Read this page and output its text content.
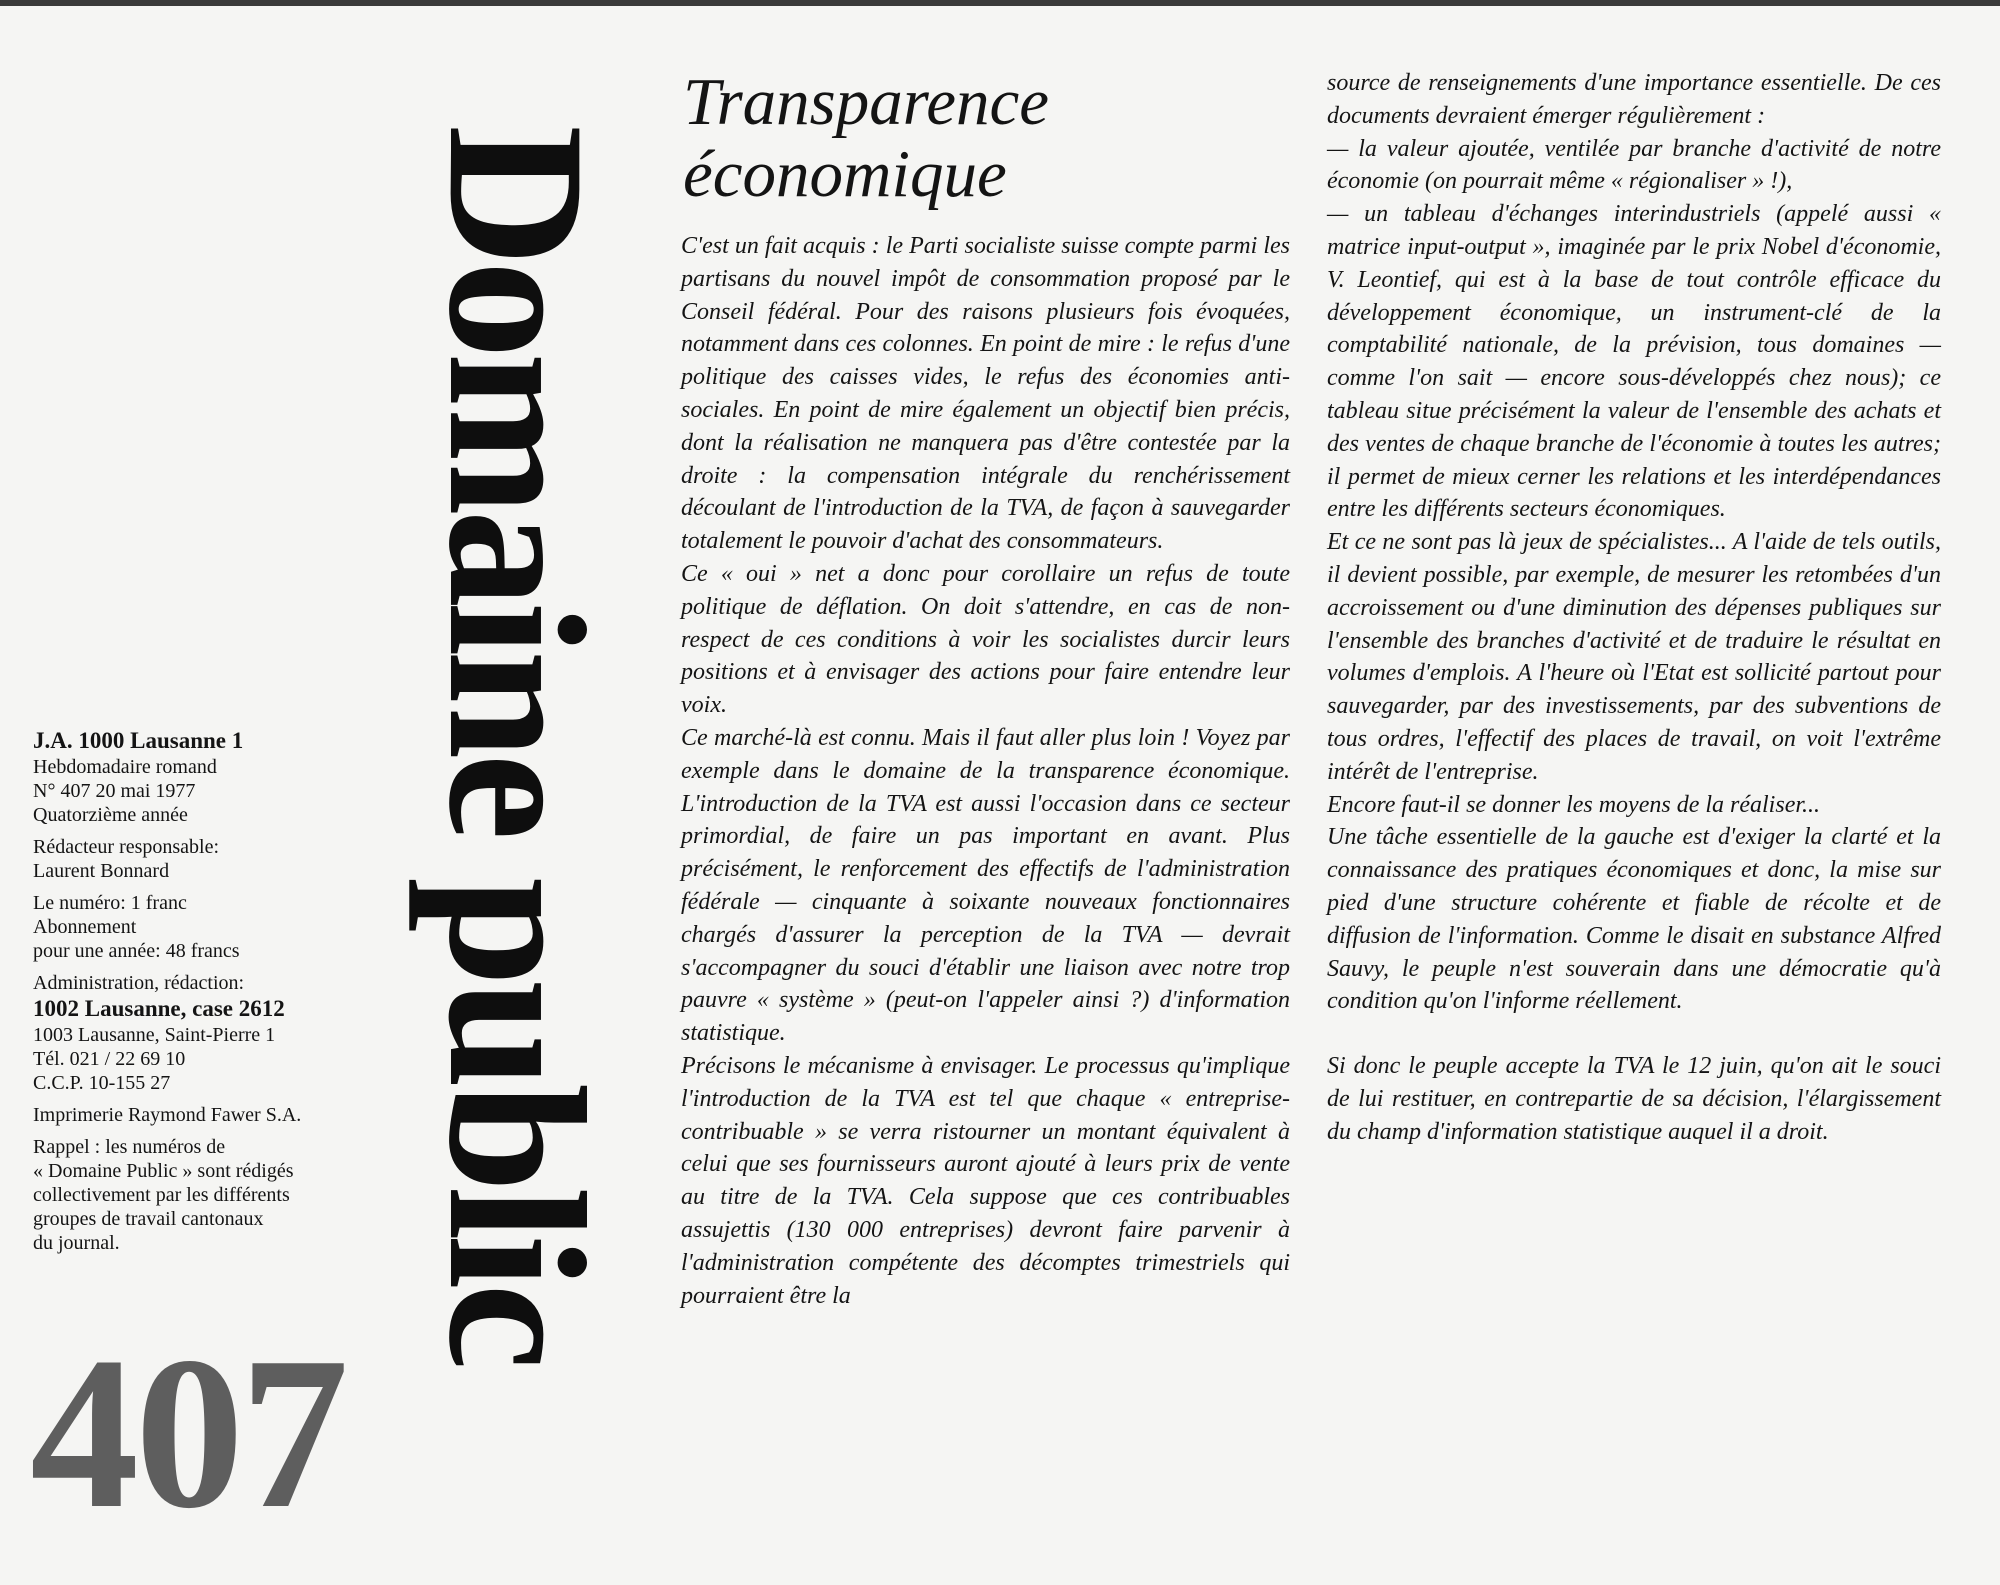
J.A. 1000 Lausanne 1
Hebdomadaire romand
N° 407 20 mai 1977
Quatorzième année

Rédacteur responsable:
Laurent Bonnard

Le numéro: 1 franc
Abonnement
pour une année: 48 francs

Administration, rédaction:
1002 Lausanne, case 2612
1003 Lausanne, Saint-Pierre 1
Tél. 021 / 22 69 10
C.C.P. 10-155 27

Imprimerie Raymond Fawer S.A.

Rappel : les numéros de
« Domaine Public » sont rédigés
collectivement par les différents
groupes de travail cantonaux
du journal.

407
Domaine public
Transparence
économique

C'est un fait acquis : le Parti socialiste suisse compte parmi les partisans du nouvel impôt de consommation proposé par le Conseil fédéral. Pour des raisons plusieurs fois évoquées, notamment dans ces colonnes. En point de mire : le refus d'une politique des caisses vides, le refus des économies anti-sociales. En point de mire également un objectif bien précis, dont la réalisation ne manquera pas d'être contestée par la droite : la compensation intégrale du renchérissement découlant de l'introduction de la TVA, de façon à sauvegarder totalement le pouvoir d'achat des consommateurs.

Ce « oui » net a donc pour corollaire un refus de toute politique de déflation. On doit s'attendre, en cas de non-respect de ces conditions à voir les socialistes durcir leurs positions et à envisager des actions pour faire entendre leur voix.

Ce marché-là est connu. Mais il faut aller plus loin ! Voyez par exemple dans le domaine de la transparence économique. L'introduction de la TVA est aussi l'occasion dans ce secteur primordial, de faire un pas important en avant. Plus précisément, le renforcement des effectifs de l'administration fédérale — cinquante à soixante nouveaux fonctionnaires chargés d'assurer la perception de la TVA — devrait s'accompagner du souci d'établir une liaison avec notre trop pauvre « système » (peut-on l'appeler ainsi ?) d'information statistique.

Précisons le mécanisme à envisager. Le processus qu'implique l'introduction de la TVA est tel que chaque « entreprise-contribuable » se verra ristourner un montant équivalent à celui que ses fournisseurs auront ajouté à leurs prix de vente au titre de la TVA. Cela suppose que ces contribuables assujettis (130 000 entreprises) devront faire parvenir à l'administration compétente des décomptes trimestriels qui pourraient être la

source de renseignements d'une importance essentielle. De ces documents devraient émerger régulièrement :

— la valeur ajoutée, ventilée par branche d'activité de notre économie (on pourrait même « régionaliser » !),

— un tableau d'échanges interindustriels (appelé aussi « matrice input-output », imaginée par le prix Nobel d'économie, V. Leontief, qui est à la base de tout contrôle efficace du développement économique, un instrument-clé de la comptabilité nationale, de la prévision, tous domaines — comme l'on sait — encore sous-développés chez nous); ce tableau situe précisément la valeur de l'ensemble des achats et des ventes de chaque branche de l'économie à toutes les autres; il permet de mieux cerner les relations et les interdépendances entre les différents secteurs économiques.

Et ce ne sont pas là jeux de spécialistes... A l'aide de tels outils, il devient possible, par exemple, de mesurer les retombées d'un accroissement ou d'une diminution des dépenses publiques sur l'ensemble des branches d'activité et de traduire le résultat en volumes d'emplois. A l'heure où l'Etat est sollicité partout pour sauvegarder, par des investissements, par des subventions de tous ordres, l'effectif des places de travail, on voit l'extrême intérêt de l'entreprise.

Encore faut-il se donner les moyens de la réaliser...

Une tâche essentielle de la gauche est d'exiger la clarté et la connaissance des pratiques économiques et donc, la mise sur pied d'une structure cohérente et fiable de récolte et de diffusion de l'information. Comme le disait en substance Alfred Sauvy, le peuple n'est souverain dans une démocratie qu'à condition qu'on l'informe réellement.

Si donc le peuple accepte la TVA le 12 juin, qu'on ait le souci de lui restituer, en contrepartie de sa décision, l'élargissement du champ d'information statistique auquel il a droit.
